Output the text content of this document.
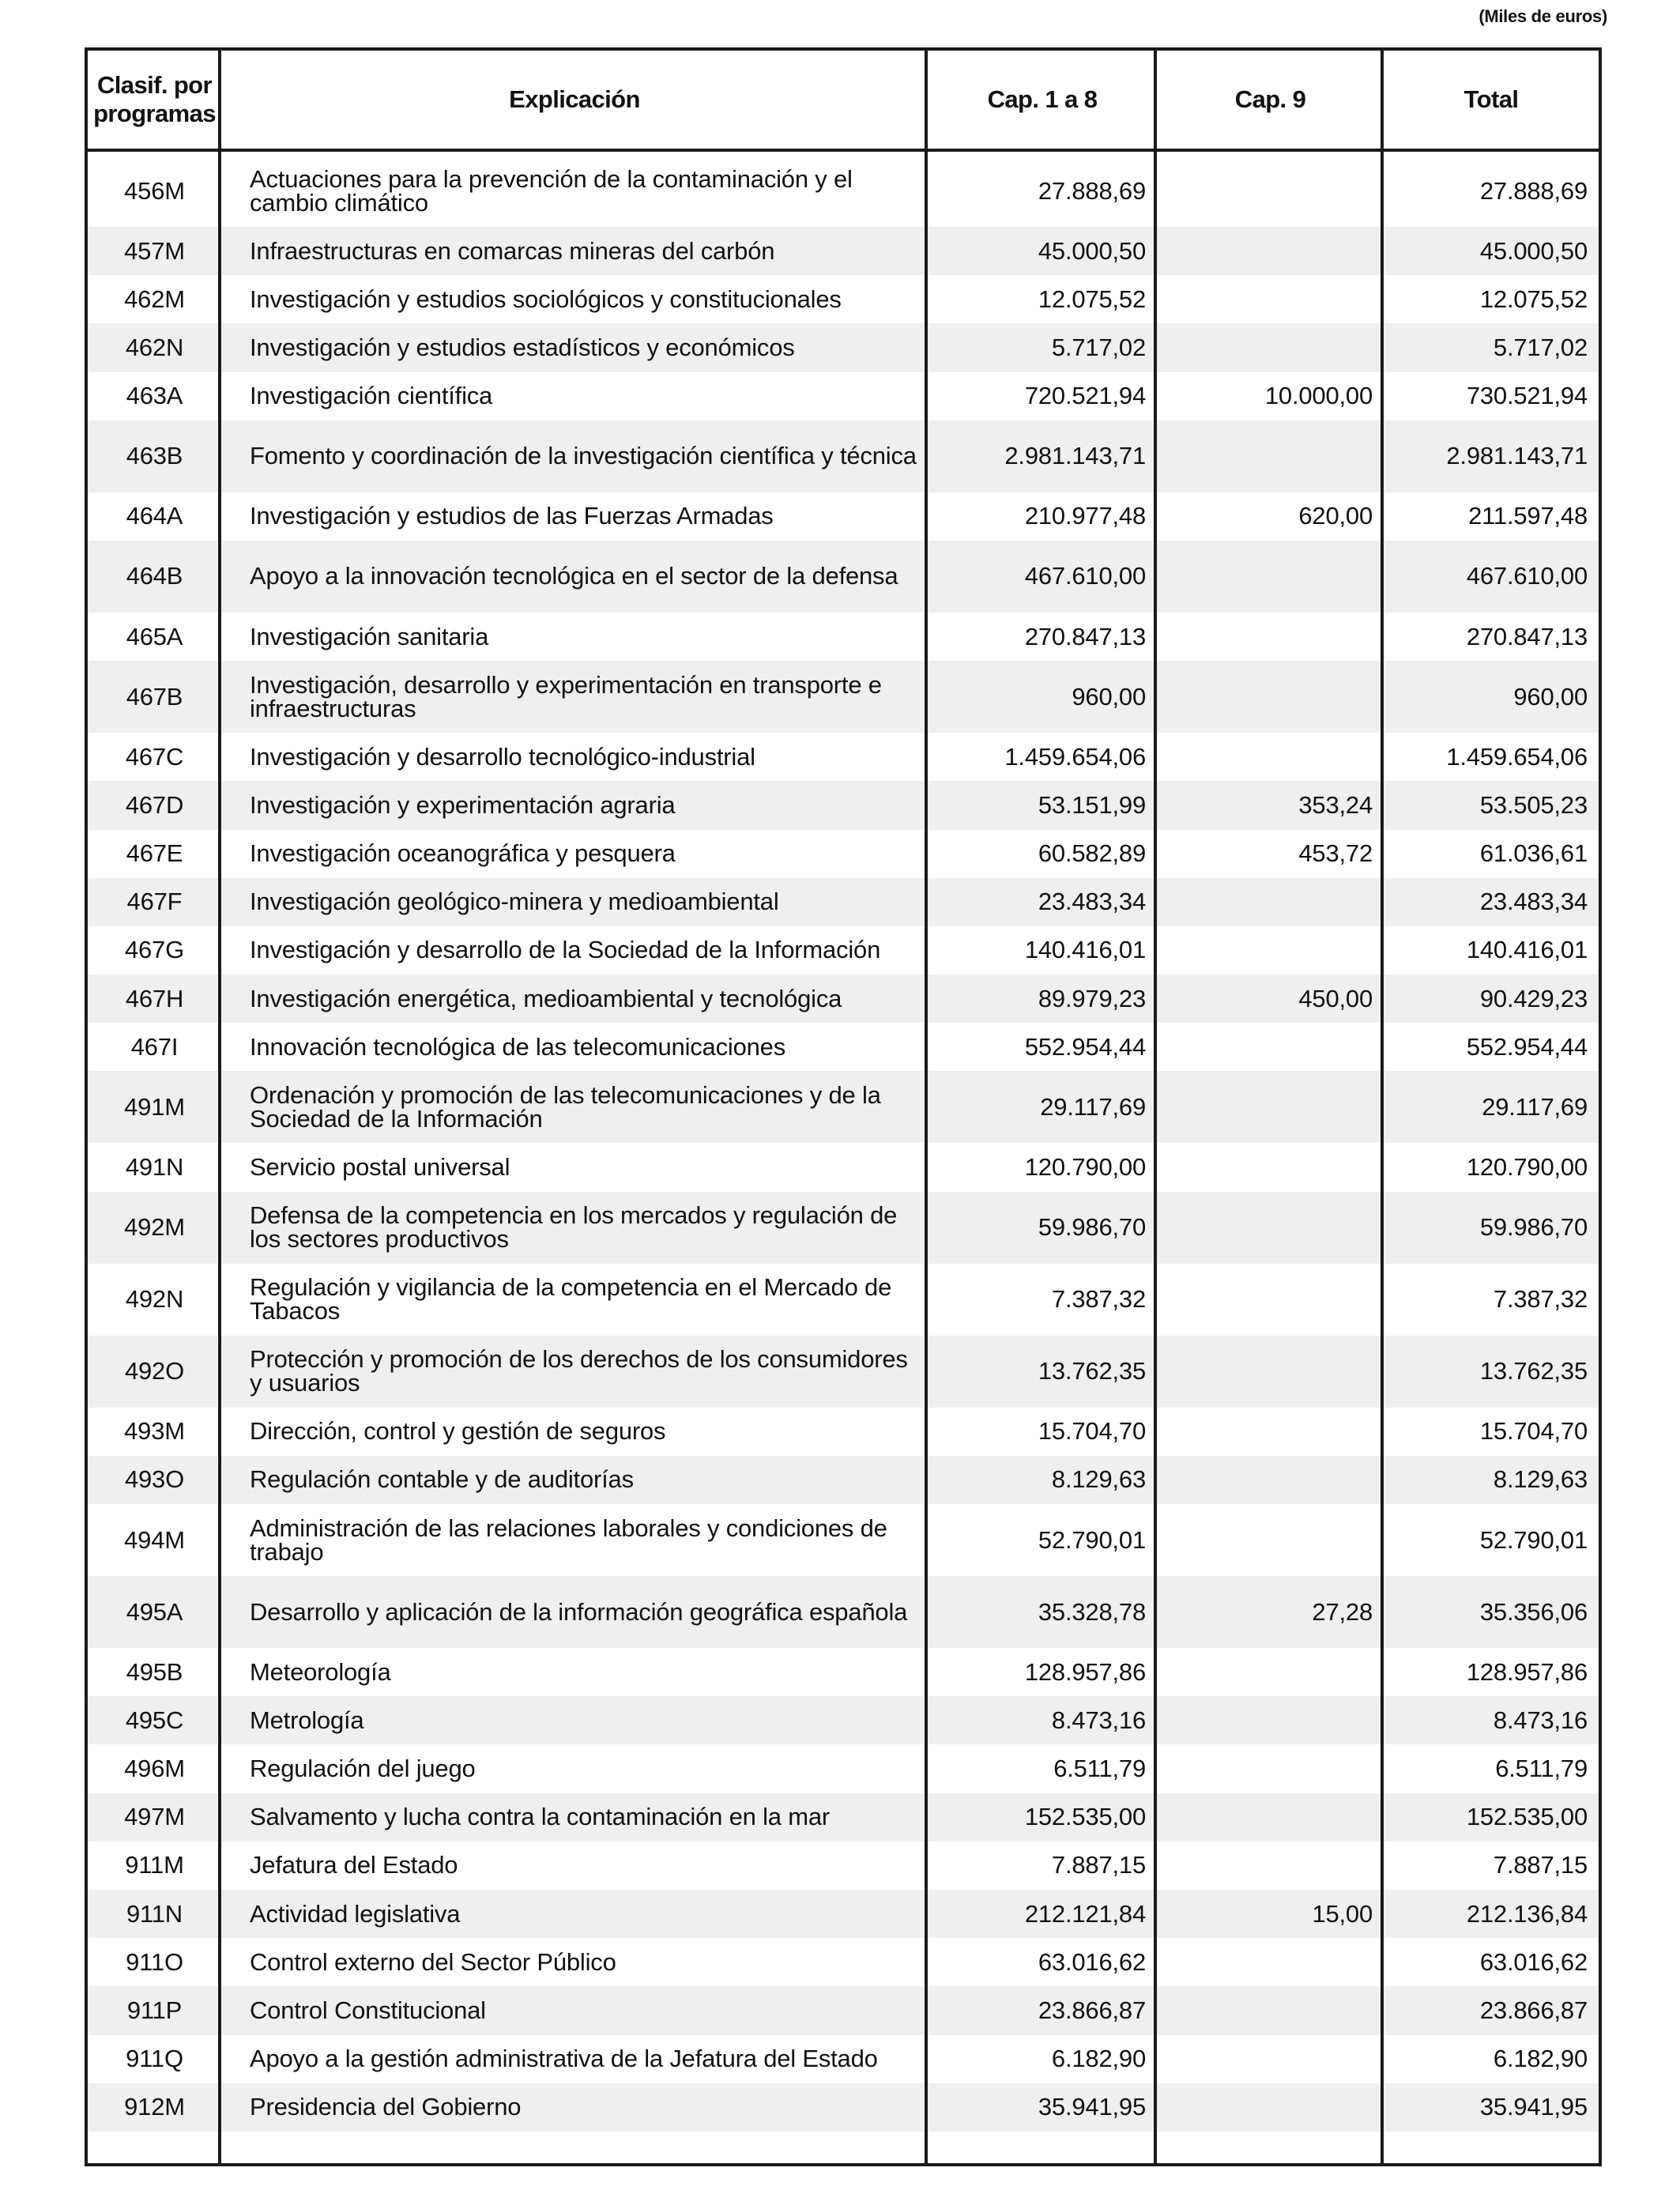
(Miles de euros)
Clasif. por programas	Explicación	Cap. 1 a 8	Cap. 9	Total

456M	Actuaciones para la prevención de la contaminación y el cambio climático	27.888,69		27.888,69
457M	Infraestructuras en comarcas mineras del carbón	45.000,50		45.000,50
462M	Investigación y estudios sociológicos y constitucionales	12.075,52		12.075,52
462N	Investigación y estudios estadísticos y económicos	5.717,02		5.717,02
463A	Investigación científica	720.521,94	10.000,00	730.521,94
463B	Fomento y coordinación de la investigación científica y técnica	2.981.143,71		2.981.143,71
464A	Investigación y estudios de las Fuerzas Armadas	210.977,48	620,00	211.597,48
464B	Apoyo a la innovación tecnológica en el sector de la defensa	467.610,00		467.610,00
465A	Investigación sanitaria	270.847,13		270.847,13
467B	Investigación, desarrollo y experimentación en transporte e infraestructuras	960,00		960,00
467C	Investigación y desarrollo tecnológico-industrial	1.459.654,06		1.459.654,06
467D	Investigación y experimentación agraria	53.151,99	353,24	53.505,23
467E	Investigación oceanográfica y pesquera	60.582,89	453,72	61.036,61
467F	Investigación geológico-minera y medioambiental	23.483,34		23.483,34
467G	Investigación y desarrollo de la Sociedad de la Información	140.416,01		140.416,01
467H	Investigación energética, medioambiental y tecnológica	89.979,23	450,00	90.429,23
467I	Innovación tecnológica de las telecomunicaciones	552.954,44		552.954,44
491M	Ordenación y promoción de las telecomunicaciones y de la Sociedad de la Información	29.117,69		29.117,69
491N	Servicio postal universal	120.790,00		120.790,00
492M	Defensa de la competencia en los mercados y regulación de los sectores productivos	59.986,70		59.986,70
492N	Regulación y vigilancia de la competencia en el Mercado de Tabacos	7.387,32		7.387,32
492O	Protección y promoción de los derechos de los consumidores y usuarios	13.762,35		13.762,35
493M	Dirección, control y gestión de seguros	15.704,70		15.704,70
493O	Regulación contable y de auditorías	8.129,63		8.129,63
494M	Administración de las relaciones laborales y condiciones de trabajo	52.790,01		52.790,01
495A	Desarrollo y aplicación de la información geográfica española	35.328,78	27,28	35.356,06
495B	Meteorología	128.957,86		128.957,86
495C	Metrología	8.473,16		8.473,16
496M	Regulación del juego	6.511,79		6.511,79
497M	Salvamento y lucha contra la contaminación en la mar	152.535,00		152.535,00
911M	Jefatura del Estado	7.887,15		7.887,15
911N	Actividad legislativa	212.121,84	15,00	212.136,84
911O	Control externo del Sector Público	63.016,62		63.016,62
911P	Control Constitucional	23.866,87		23.866,87
911Q	Apoyo a la gestión administrativa de la Jefatura del Estado	6.182,90		6.182,90
912M	Presidencia del Gobierno	35.941,95		35.941,95
